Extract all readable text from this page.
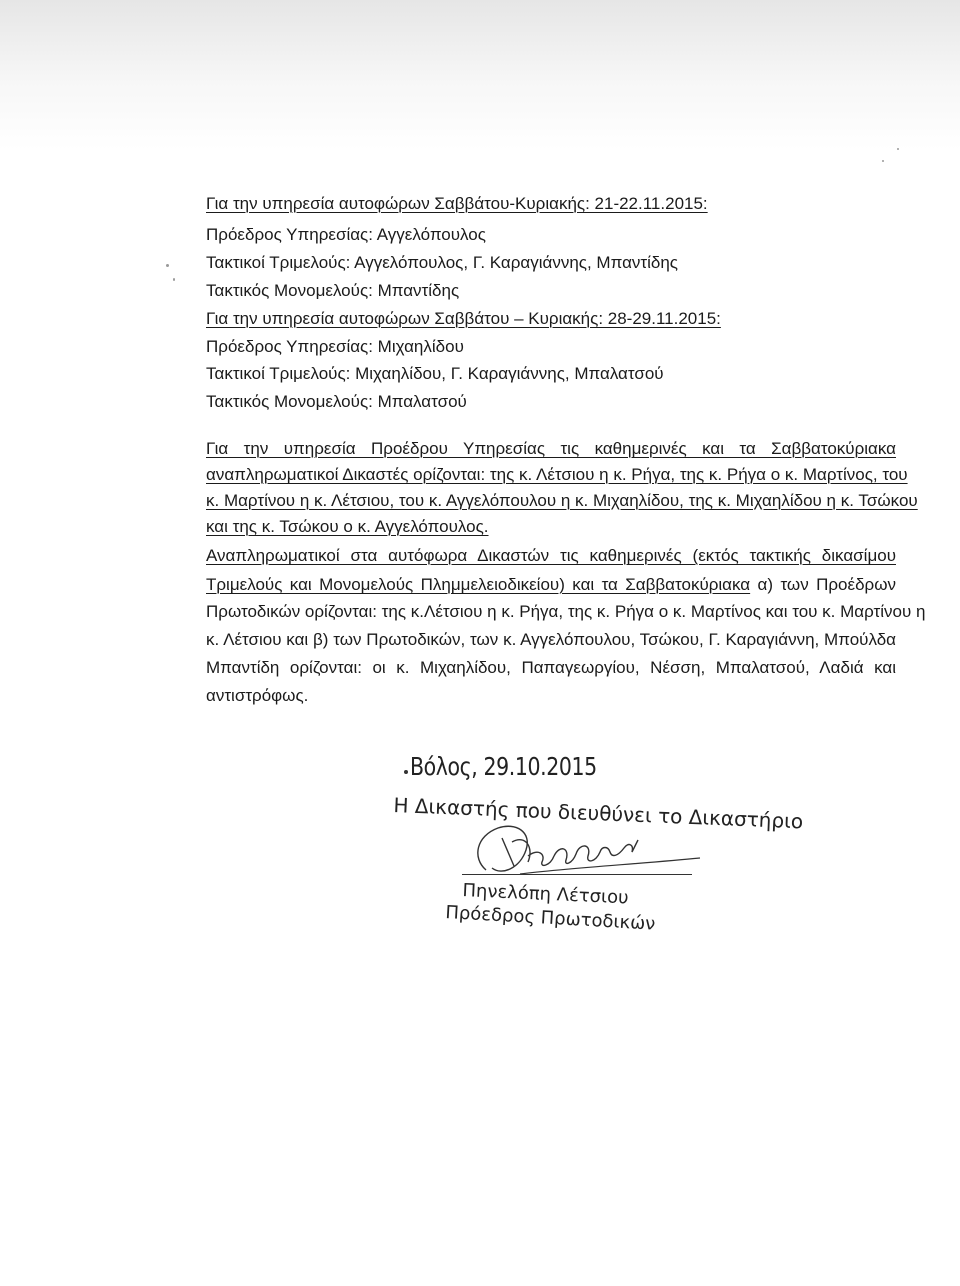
Για την υπηρεσία αυτοφώρων Σαββάτου-Κυριακής: 21-22.11.2015:
Πρόεδρος Υπηρεσίας: Αγγελόπουλος
Τακτικοί Τριμελούς: Αγγελόπουλος, Γ. Καραγιάννης, Μπαντίδης
Τακτικός Μονομελούς: Μπαντίδης
Για την υπηρεσία αυτοφώρων Σαββάτου – Κυριακής: 28-29.11.2015:
Πρόεδρος Υπηρεσίας: Μιχαηλίδου
Τακτικοί Τριμελούς: Μιχαηλίδου, Γ. Καραγιάννης, Μπαλατσού
Τακτικός Μονομελούς: Μπαλατσού
Για την υπηρεσία Προέδρου Υπηρεσίας τις καθημερινές και τα Σαββατοκύριακα
αναπληρωματικοί Δικαστές ορίζονται: της κ. Λέτσιου η κ. Ρήγα, της κ. Ρήγα ο κ. Μαρτίνος, του
κ. Μαρτίνου η κ. Λέτσιου, του κ. Αγγελόπουλου η κ. Μιχαηλίδου, της κ. Μιχαηλίδου η κ. Τσώκου
και της κ. Τσώκου ο κ. Αγγελόπουλος.
Αναπληρωματικοί στα αυτόφωρα Δικαστών τις καθημερινές (εκτός τακτικής δικασίμου
Τριμελούς και Μονομελούς Πλημμελειοδικείου) και τα Σαββατοκύριακα α) των Προέδρων
Πρωτοδικών ορίζονται: της κ.Λέτσιου η κ. Ρήγα, της κ. Ρήγα ο κ. Μαρτίνος και του κ. Μαρτίνου η
κ. Λέτσιου και β) των Πρωτοδικών, των κ. Αγγελόπουλου, Τσώκου, Γ. Καραγιάννη, Μπούλδα
Μπαντίδη ορίζονται: οι κ. Μιχαηλίδου, Παπαγεωργίου, Νέσση, Μπαλατσού, Λαδιά και
αντιστρόφως.
Βόλος, 29.10.2015
Η Δικαστής που διευθύνει το Δικαστήριο
Πηνελόπη Λέτσιου
Πρόεδρος Πρωτοδικών
